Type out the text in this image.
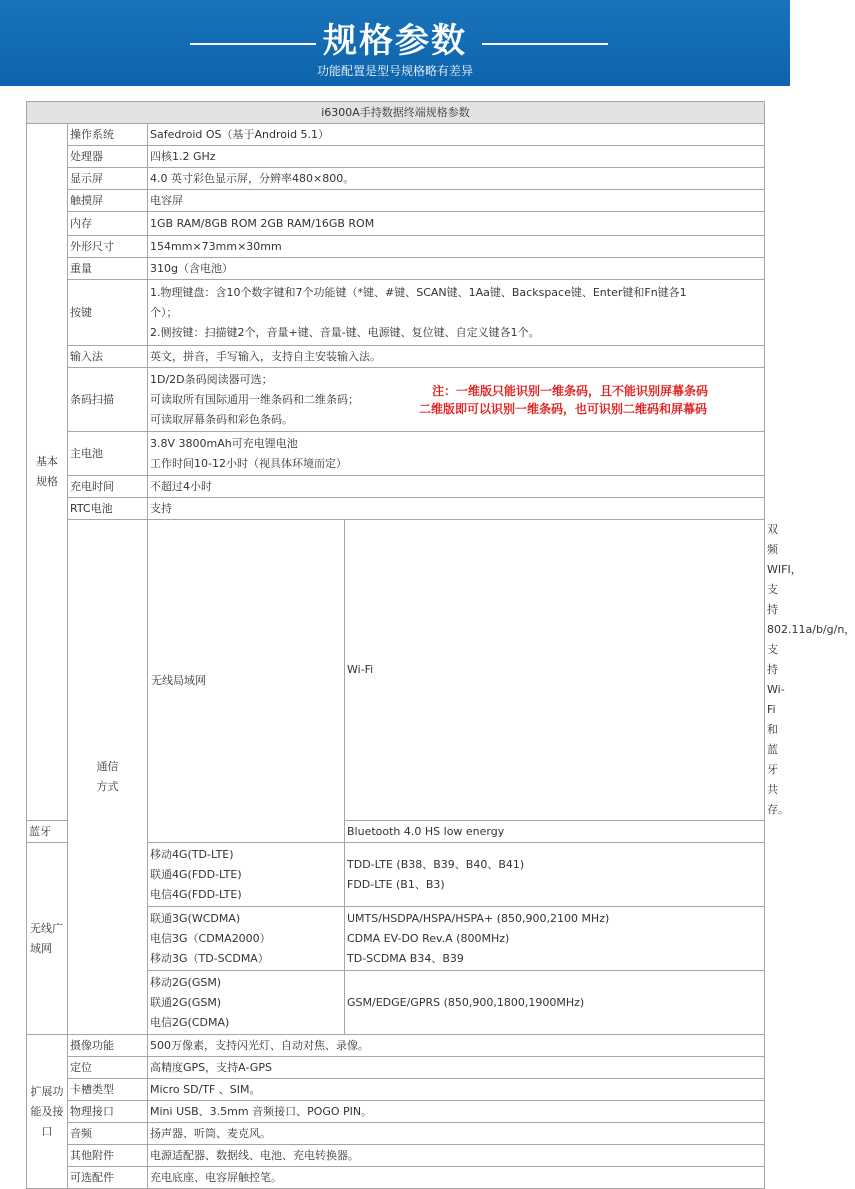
规格参数
功能配置是型号规格略有差异
i6300A手持数据终端规格参数				
基本
规格	操作系统	Safedroid OS（基于Android 5.1）		
	处理器	四核1.2 GHz		
	显示屏	4.0 英寸彩色显示屏，分辨率480×800。		
	触摸屏	电容屏		
	内存	1GB RAM/8GB ROM 2GB RAM/16GB ROM		
	外形尺寸	154mm×73mm×30mm		
	重量	310g（含电池）		
	按键	1.物理键盘：含10个数字键和7个功能键（*键、#键、SCAN键、1Aa键、Backspace键、Enter键和Fn键各1
个）；
2.侧按键：扫描键2个，音量+键、音量-键、电源键、复位键、自定义键各1个。		
	输入法	英文，拼音，手写输入，支持自主安装输入法。		
	条码扫描	1D/2D条码阅读器可选；
可读取所有国际通用一维条码和二维条码；
可读取屏幕条码和彩色条码。
注：一维版只能识别一维条码，且不能识别屏幕条码
二维版即可以识别一维条码，也可识别二维码和屏幕码		

	主电池	3.8V 3800mAh可充电锂电池
工作时间10-12小时（视具体环境而定）		
	充电时间	不超过4小时		
	RTC电池	支持		
	通信
方式	无线局域网	Wi-Fi	双频WIFI，支持802.11a/b/g/n，支持Wi-Fi和蓝牙共存。
蓝牙			Bluetooth 4.0 HS low energy	
无线广域网		移动4G(TD-LTE)
联通4G(FDD-LTE)
电信4G(FDD-LTE)	TDD-LTE (B38、B39、B40、B41)
FDD-LTE (B1、B3)	
		联通3G(WCDMA)
电信3G（CDMA2000）
移动3G（TD-SCDMA）	UMTS/HSDPA/HSPA/HSPA+ (850,900,2100 MHz)
CDMA EV-DO Rev.A (800MHz)
TD-SCDMA B34、B39	
		移动2G(GSM)
联通2G(GSM)
电信2G(CDMA)	GSM/EDGE/GPRS (850,900,1800,1900MHz)	
扩展功
能及接
口	摄像功能	500万像素，支持闪光灯、自动对焦、录像。		
	定位	高精度GPS，支持A-GPS		
	卡槽类型	Micro SD/TF 、SIM。		
	物理接口	Mini USB、3.5mm 音频接口、POGO PIN。		
	音频	扬声器、听筒、麦克风。		
	其他附件	电源适配器、数据线、电池、充电转换器。		
	可选配件	充电底座、电容屏触控笔。		
